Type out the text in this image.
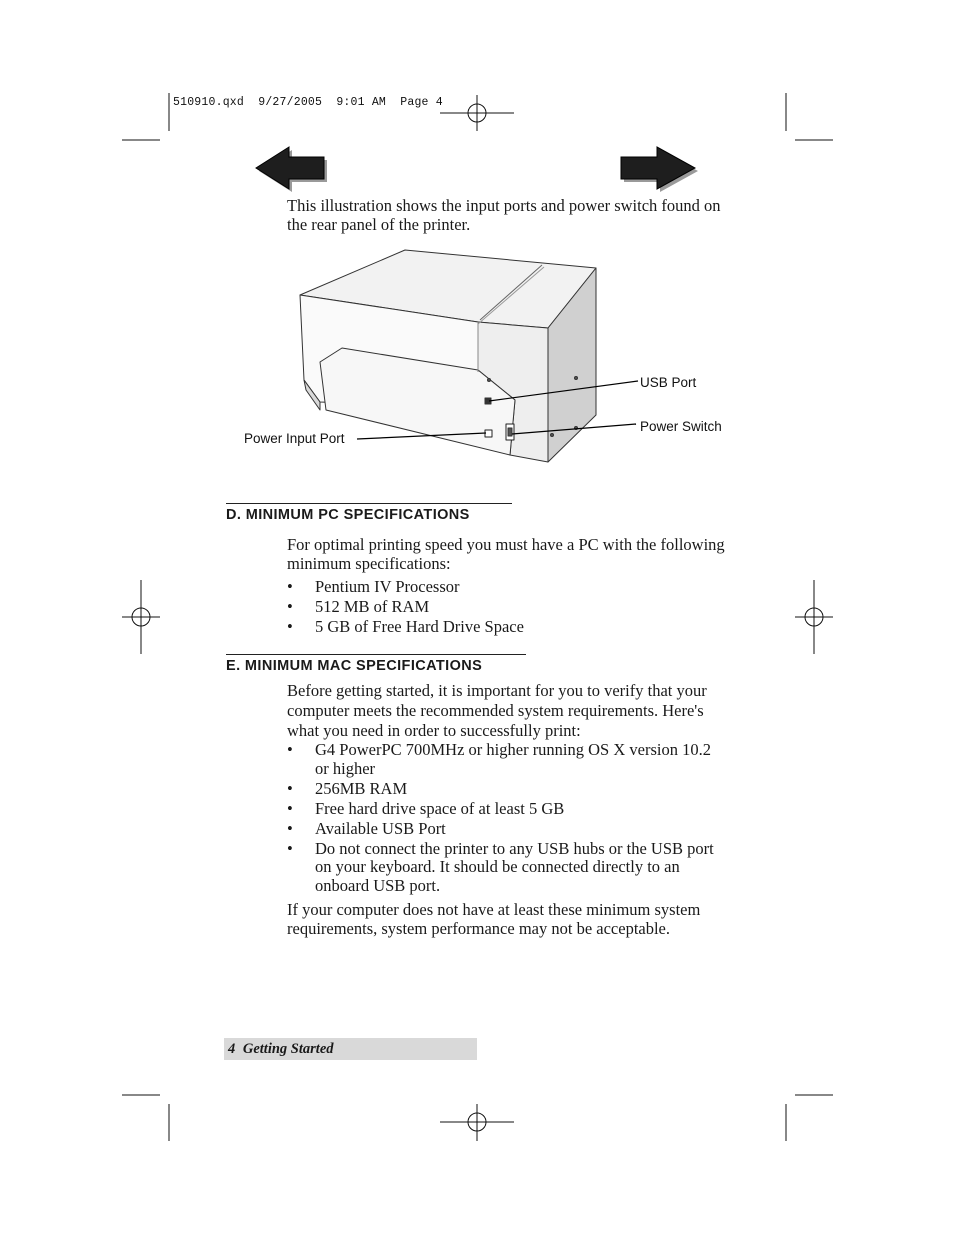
510910.qxd  9/27/2005  9:01 AM  Page 4
This illustration shows the input ports and power switch found on the rear panel of the printer.
USB Port
Power Switch
Power Input Port
D. MINIMUM PC SPECIFICATIONS
For optimal printing speed you must have a PC with the following minimum specifications:
• Pentium IV Processor
• 512 MB of RAM
• 5 GB of Free Hard Drive Space
E. MINIMUM MAC SPECIFICATIONS
Before getting started, it is important for you to verify that your computer meets the recommended system requirements. Here's what you need in order to successfully print:
• G4 PowerPC 700MHz or higher running OS X version 10.2 or higher
• 256MB RAM
• Free hard drive space of at least 5 GB
• Available USB Port
• Do not connect the printer to any USB hubs or the USB port on your keyboard. It should be connected directly to an onboard USB port.
If your computer does not have at least these minimum system requirements, system performance may not be acceptable.
4 Getting Started
